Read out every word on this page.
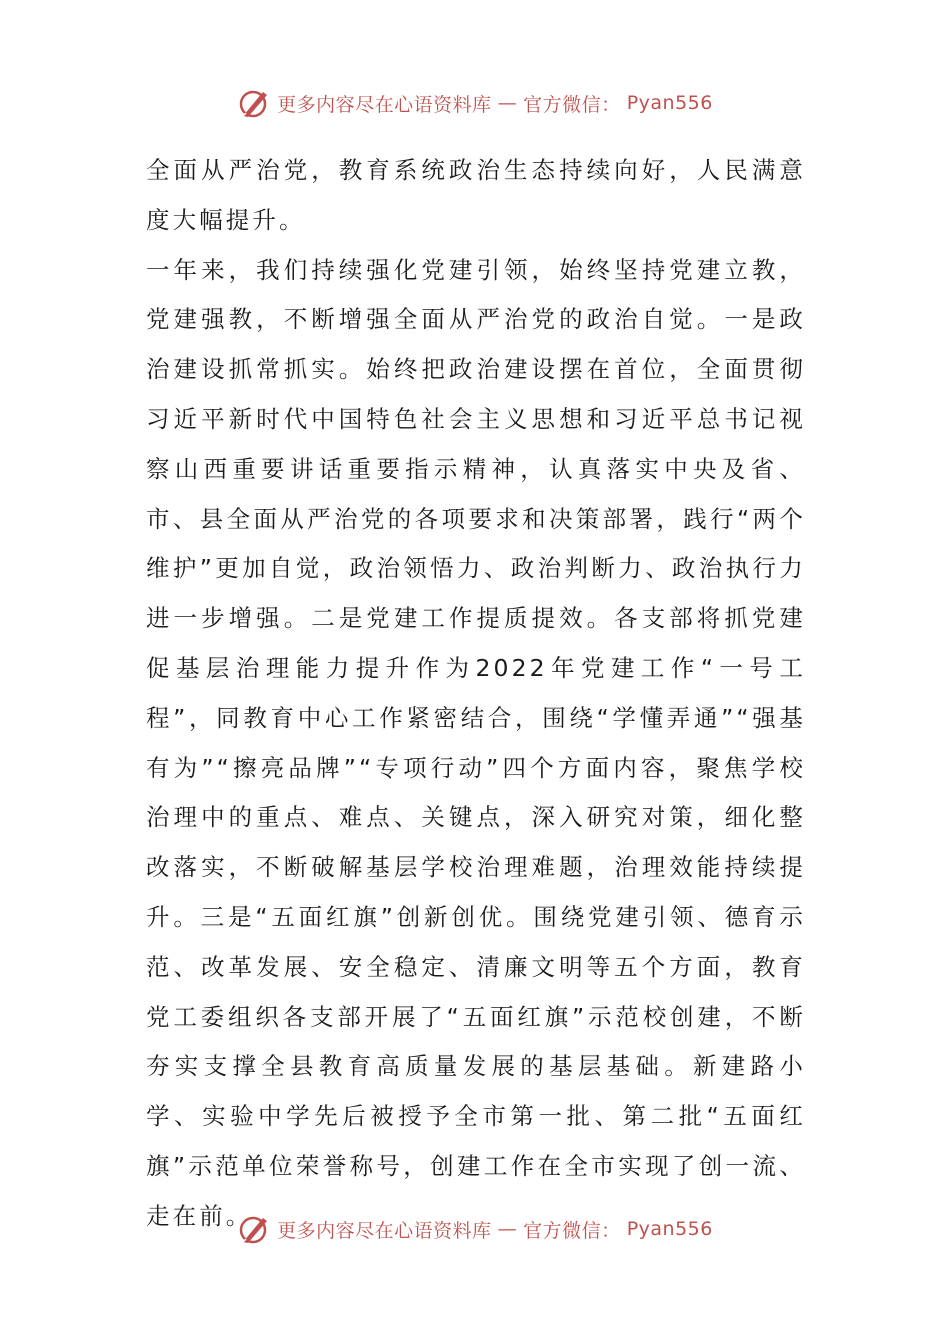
更多内容尽在心语资料库 — 官方微信： Pyan556

全面从严治党，教育系统政治生态持续向好，人民满意度大幅提升。

一年来，我们持续强化党建引领，始终坚持党建立教，党建强教，不断增强全面从严治党的政治自觉。一是政治建设抓常抓实。始终把政治建设摆在首位，全面贯彻习近平新时代中国特色社会主义思想和习近平总书记视察山西重要讲话重要指示精神，认真落实中央及省、市、县全面从严治党的各项要求和决策部署，践行“两个维护”更加自觉，政治领悟力、政治判断力、政治执行力进一步增强。二是党建工作提质提效。各支部将抓党建促基层治理能力提升作为2022年党建工作“一号工程”，同教育中心工作紧密结合，围绕“学懂弄通”“强基有为”“擦亮品牌”“专项行动”四个方面内容，聚焦学校治理中的重点、难点、关键点，深入研究对策，细化整改落实，不断破解基层学校治理难题，治理效能持续提升。三是“五面红旗”创新创优。围绕党建引领、德育示范、改革发展、安全稳定、清廉文明等五个方面，教育党工委组织各支部开展了“五面红旗”示范校创建，不断夯实支撑全县教育高质量发展的基层基础。新建路小学、实验中学先后被授予全市第一批、第二批“五面红旗”示范单位荣誉称号，创建工作在全市实现了创一流、走在前。

更多内容尽在心语资料库 — 官方微信： Pyan556
